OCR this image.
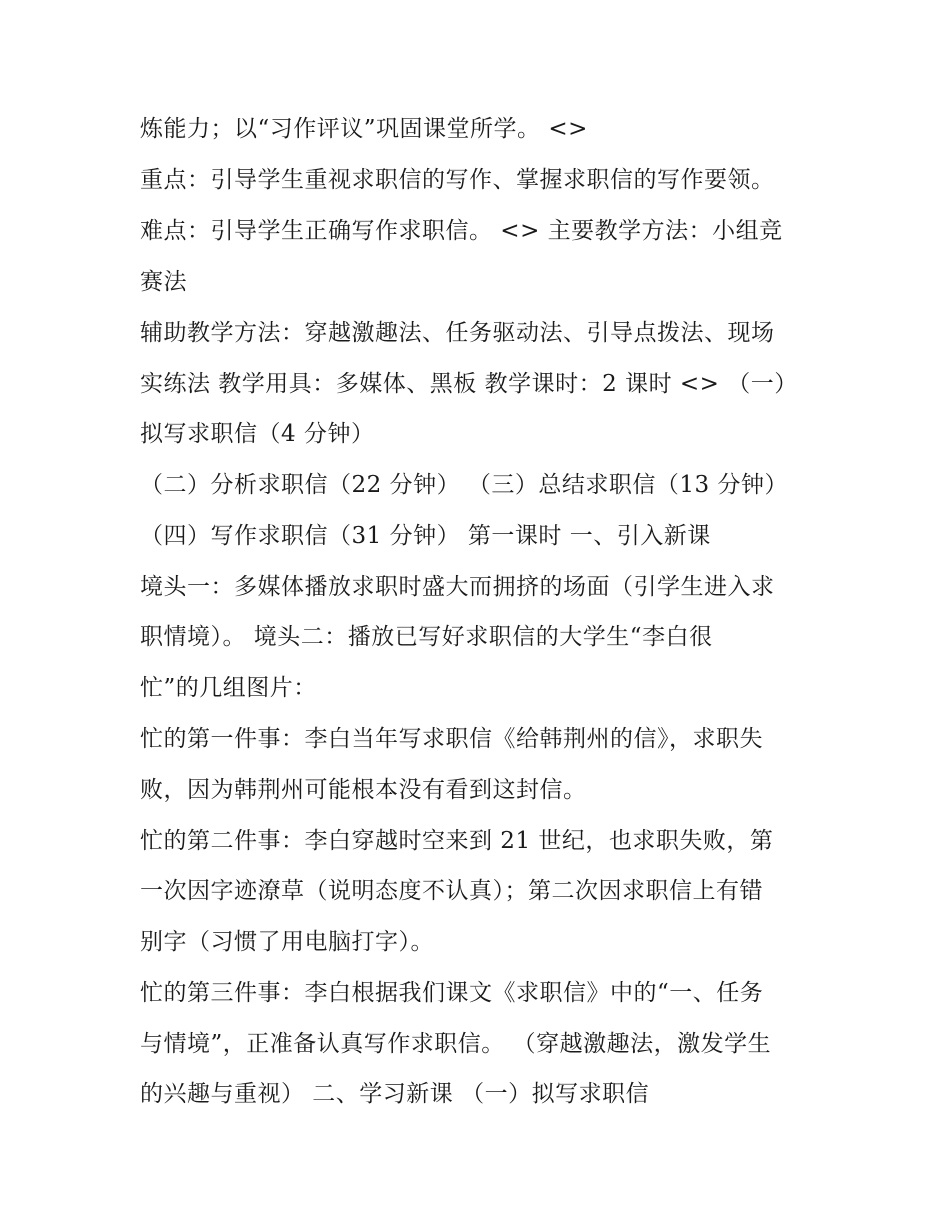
炼能力；以“习作评议”巩固课堂所学。 <>
重点：引导学生重视求职信的写作、掌握求职信的写作要领。
难点：引导学生正确写作求职信。 <> 主要教学方法：小组竞
赛法
辅助教学方法：穿越激趣法、任务驱动法、引导点拨法、现场
实练法 教学用具：多媒体、黑板 教学课时：2 课时 <> （一）
拟写求职信（4 分钟）
（二）分析求职信（22 分钟） （三）总结求职信（13 分钟）
（四）写作求职信（31 分钟） 第一课时 一、引入新课
境头一：多媒体播放求职时盛大而拥挤的场面（引学生进入求
职情境）。 境头二：播放已写好求职信的大学生“李白很
忙”的几组图片：
忙的第一件事：李白当年写求职信《给韩荆州的信》，求职失
败，因为韩荆州可能根本没有看到这封信。
忙的第二件事：李白穿越时空来到 21 世纪，也求职失败，第
一次因字迹潦草（说明态度不认真）；第二次因求职信上有错
别字（习惯了用电脑打字）。
忙的第三件事：李白根据我们课文《求职信》中的“一、任务
与情境”，正准备认真写作求职信。 （穿越激趣法，激发学生
的兴趣与重视） 二、学习新课 （一）拟写求职信
